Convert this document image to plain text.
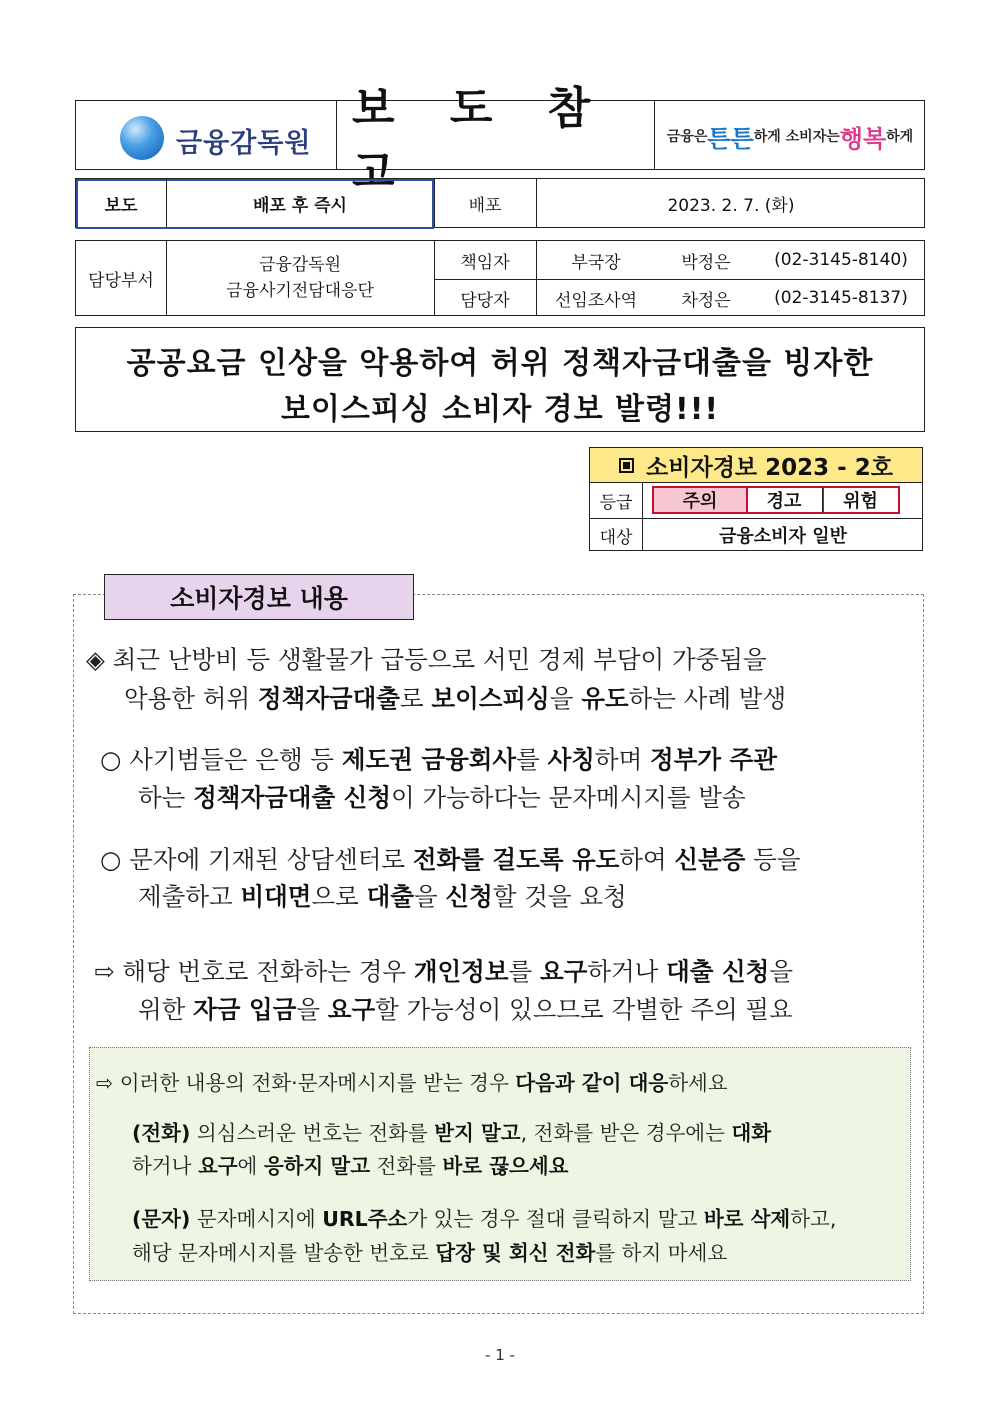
금융감독원
보 도 참 고
금융은 튼튼 하게 소비자는 행복 하게
보도	배포 후 즉시	배포	2023. 2. 7. (화)
담당부서
금융감독원
금융사기전담대응단
책임자	부국장	박정은	(02-3145-8140)
담당자	선임조사역	차정은	(02-3145-8137)
공공요금 인상을 악용하여 허위 정책자금대출을 빙자한
보이스피싱 소비자 경보 발령!!!
소비자경보 2023 - 2호
등급	주의	경고	위험
대상	금융소비자 일반
소비자경보 내용
◈ 최근 난방비 등 생활물가 급등으로 서민 경제 부담이 가중됨을
악용한 허위 정책자금대출로 보이스피싱을 유도하는 사례 발생
○ 사기범들은 은행 등 제도권 금융회사를 사칭하며 정부가 주관
하는 정책자금대출 신청이 가능하다는 문자메시지를 발송
○ 문자에 기재된 상담센터로 전화를 걸도록 유도하여 신분증 등을
제출하고 비대면으로 대출을 신청할 것을 요청
⇨ 해당 번호로 전화하는 경우 개인정보를 요구하거나 대출 신청을
위한 자금 입금을 요구할 가능성이 있으므로 각별한 주의 필요
⇨ 이러한 내용의 전화·문자메시지를 받는 경우 다음과 같이 대응하세요
(전화) 의심스러운 번호는 전화를 받지 말고, 전화를 받은 경우에는 대화
하거나 요구에 응하지 말고 전화를 바로 끊으세요
(문자) 문자메시지에 URL주소가 있는 경우 절대 클릭하지 말고 바로 삭제하고,
해당 문자메시지를 발송한 번호로 답장 및 회신 전화를 하지 마세요
- 1 -
